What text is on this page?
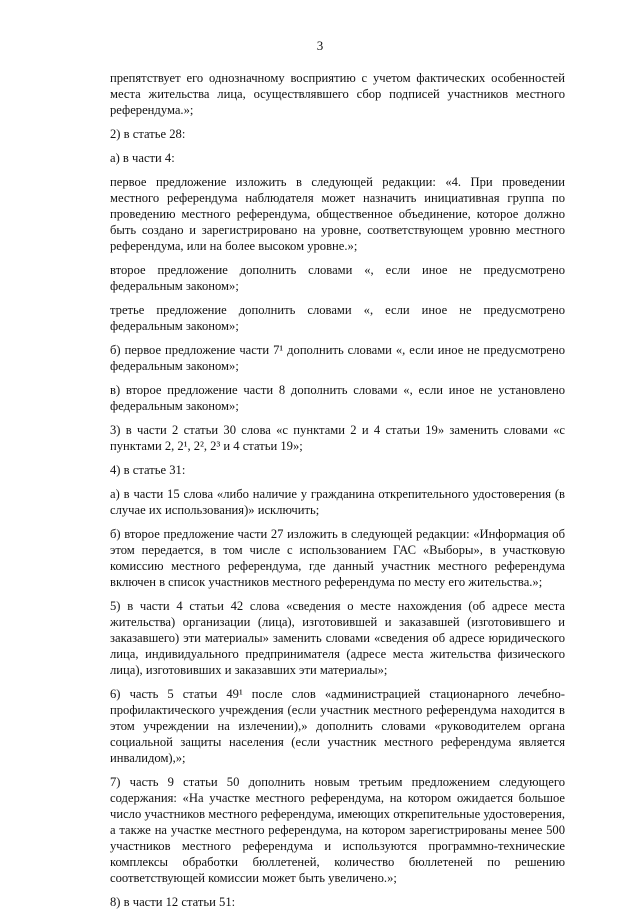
3

препятствует его однозначному восприятию с учетом фактических особенностей места жительства лица, осуществлявшего сбор подписей участников местного референдума.»;

2) в статье 28:

а) в части 4:

первое предложение изложить в следующей редакции: «4. При проведении местного референдума наблюдателя может назначить инициативная группа по проведению местного референдума, общественное объединение, которое должно быть создано и зарегистрировано на уровне, соответствующем уровню местного референдума, или на более высоком уровне.»;

второе предложение дополнить словами «, если иное не предусмотрено федеральным законом»;

третье предложение дополнить словами «, если иное не предусмотрено федеральным законом»;

б) первое предложение части 7¹ дополнить словами «, если иное не предусмотрено федеральным законом»;

в) второе предложение части 8 дополнить словами «, если иное не установлено федеральным законом»;

3) в части 2 статьи 30 слова «с пунктами 2 и 4 статьи 19» заменить словами «с пунктами 2, 2¹, 2², 2³ и 4 статьи 19»;

4) в статье 31:

а) в части 15 слова «либо наличие у гражданина открепительного удостоверения (в случае их использования)» исключить;

б) второе предложение части 27 изложить в следующей редакции: «Информация об этом передается, в том числе с использованием ГАС «Выборы», в участковую комиссию местного референдума, где данный участник местного референдума включен в список участников местного референдума по месту его жительства.»;

5) в части 4 статьи 42 слова «сведения о месте нахождения (об адресе места жительства) организации (лица), изготовившей и заказавшей (изготовившего и заказавшего) эти материалы» заменить словами «сведения об адресе юридического лица, индивидуального предпринимателя (адресе места жительства физического лица), изготовивших и заказавших эти материалы»;

6) часть 5 статьи 49¹ после слов «администрацией стационарного лечебно-профилактического учреждения (если участник местного референдума находится в этом учреждении на излечении),» дополнить словами «руководителем органа социальной защиты населения (если участник местного референдума является инвалидом),»;

7) часть 9 статьи 50 дополнить новым третьим предложением следующего содержания: «На участке местного референдума, на котором ожидается большое число участников местного референдума, имеющих открепительные удостоверения, а также на участке местного референдума, на котором зарегистрированы менее 500 участников местного референдума и используются программно-технические комплексы обработки бюллетеней, количество бюллетеней по решению соответствующей комиссии может быть увеличено.»;

8) в части 12 статьи 51:
